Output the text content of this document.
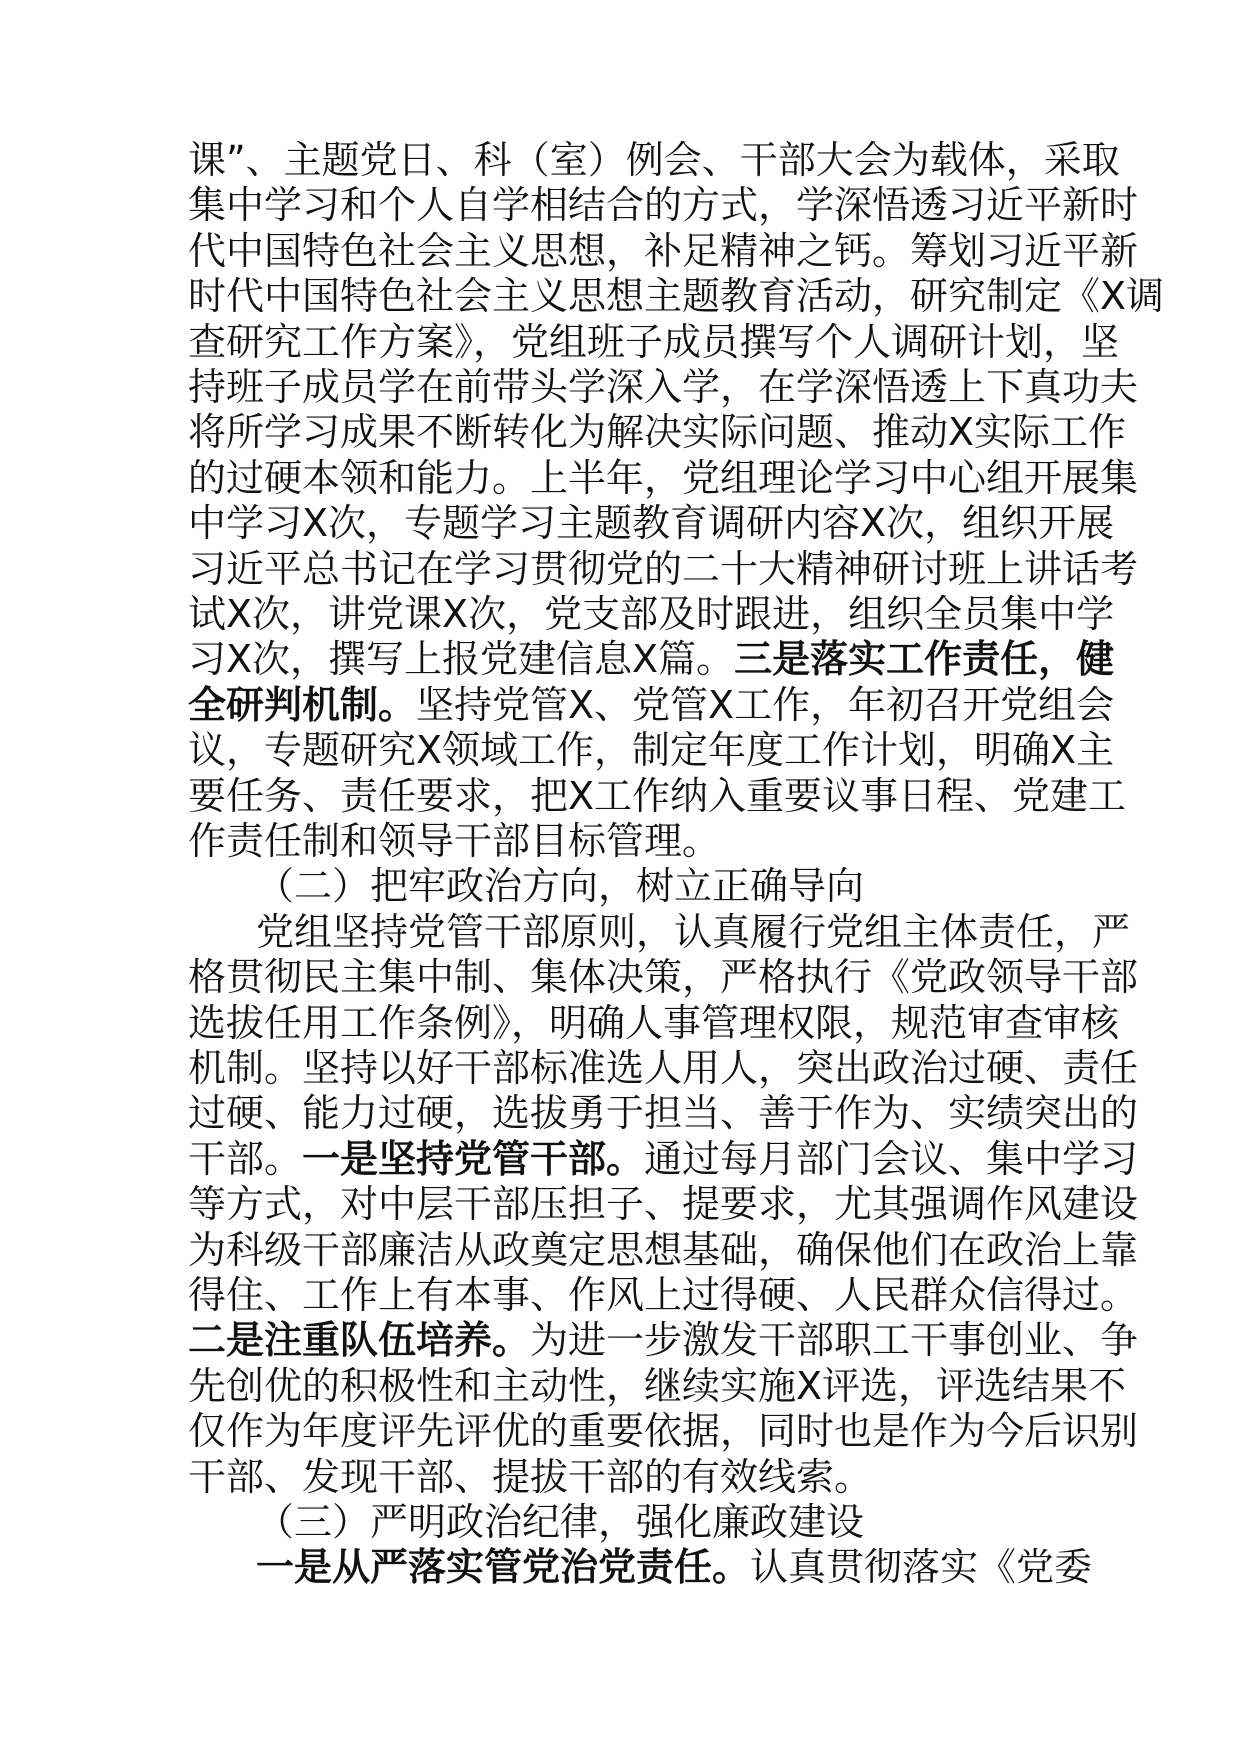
课”、主题党日、科（室）例会、干部大会为载体，采取
集中学习和个人自学相结合的方式，学深悟透习近平新时
代中国特色社会主义思想，补足精神之钙。筹划习近平新
时代中国特色社会主义思想主题教育活动，研究制定《X调
查研究工作方案》，党组班子成员撰写个人调研计划，坚
持班子成员学在前带头学深入学，在学深悟透上下真功夫
将所学习成果不断转化为解决实际问题、推动X实际工作
的过硬本领和能力。上半年，党组理论学习中心组开展集
中学习X次，专题学习主题教育调研内容X次，组织开展
习近平总书记在学习贯彻党的二十大精神研讨班上讲话考
试X次，讲党课X次，党支部及时跟进，组织全员集中学
习X次，撰写上报党建信息X篇。三是落实工作责任，健
全研判机制。坚持党管X、党管X工作，年初召开党组会
议，专题研究X领域工作，制定年度工作计划，明确X主
要任务、责任要求，把X工作纳入重要议事日程、党建工
作责任制和领导干部目标管理。
（二）把牢政治方向，树立正确导向
党组坚持党管干部原则，认真履行党组主体责任，严
格贯彻民主集中制、集体决策，严格执行《党政领导干部
选拔任用工作条例》，明确人事管理权限，规范审查审核
机制。坚持以好干部标准选人用人，突出政治过硬、责任
过硬、能力过硬，选拔勇于担当、善于作为、实绩突出的
干部。一是坚持党管干部。通过每月部门会议、集中学习
等方式，对中层干部压担子、提要求，尤其强调作风建设
为科级干部廉洁从政奠定思想基础，确保他们在政治上靠
得住、工作上有本事、作风上过得硬、人民群众信得过。
二是注重队伍培养。为进一步激发干部职工干事创业、争
先创优的积极性和主动性，继续实施X评选，评选结果不
仅作为年度评先评优的重要依据，同时也是作为今后识别
干部、发现干部、提拔干部的有效线索。
（三）严明政治纪律，强化廉政建设
一是从严落实管党治党责任。认真贯彻落实《党委
